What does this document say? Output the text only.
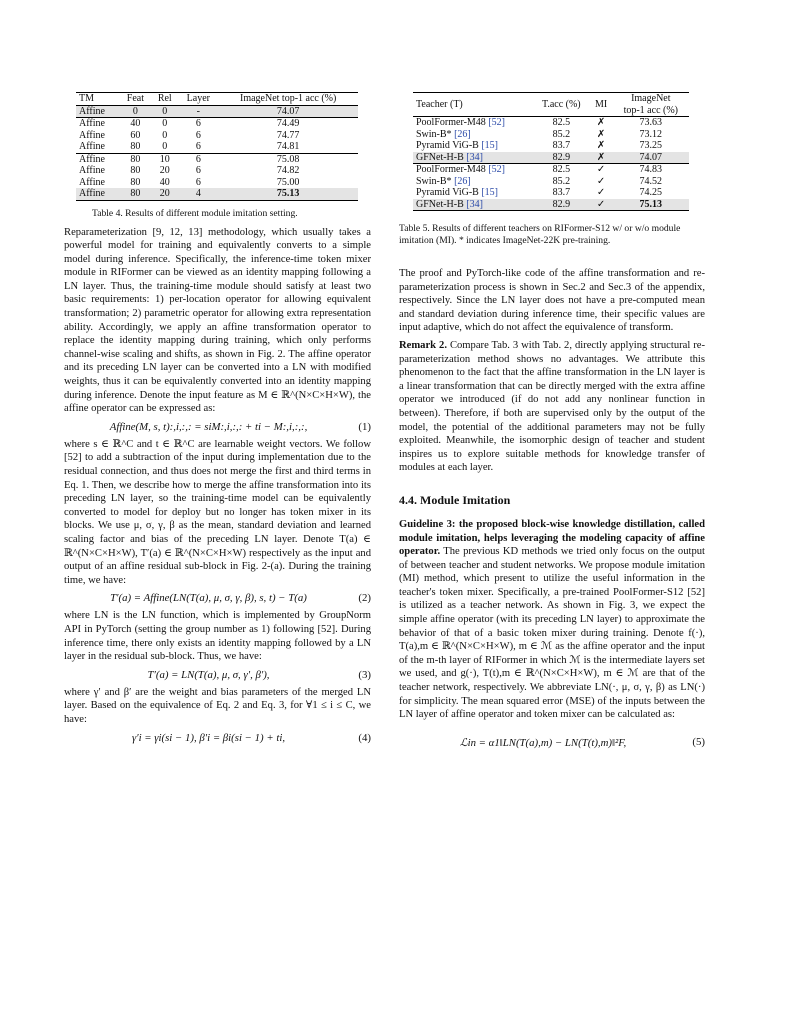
TM	Feat	Rel	Layer	ImageNet top-1 acc (%)
Affine	0	0	-	74.07
Affine	40	0	6	74.49
Affine	60	0	6	74.77
Affine	80	0	6	74.81
Affine	80	10	6	75.08
Affine	80	20	6	74.82
Affine	80	40	6	75.00
Affine	80	20	4	75.13
Table 4. Results of different module imitation setting.

Reparameterization [9, 12, 13] methodology, which usually takes a powerful model for training and equivalently converts to a simple model during inference. Specifically, the inference-time token mixer module in RIFormer can be viewed as an identity mapping following a LN layer. Thus, the training-time module should satisfy at least two basic requirements: 1) per-location operator for allowing equivalent transformation; 2) parametric operator for allowing extra representation ability. Accordingly, we apply an affine transformation operator to replace the identity mapping during training, which only performs channel-wise scaling and shifts, as shown in Fig. 2. The affine operator and its preceding LN layer can be converted into a LN with modified weights, thus it can be equivalently converted into an identity mapping during inference. Denote the input feature as M ∈ ℝ^(N×C×H×W), the affine operator can be expressed as:

Affine(M, s, t):,i,:,: = siM:,i,:,: + ti − M:,i,:,:,	(1)

where s ∈ ℝ^C and t ∈ ℝ^C are learnable weight vectors. We follow [52] to add a subtraction of the input during implementation due to the residual connection, and thus does not merge the first and third terms in Eq. 1. Then, we describe how to merge the affine transformation into its preceding LN layer, so the training-time model can be equivalently converted to model for deploy but no longer has token mixer in its blocks. We use μ, σ, γ, β as the mean, standard deviation and learned scaling factor and bias of the preceding LN layer. Denote T(a) ∈ ℝ^(N×C×H×W), T′(a) ∈ ℝ^(N×C×H×W) respectively as the input and output of an affine residual sub-block in Fig. 2-(a). During the training time, we have:

T′(a) = Affine(LN(T(a), μ, σ, γ, β), s, t) − T(a)	(2)

where LN is the LN function, which is implemented by GroupNorm API in PyTorch (setting the group number as 1) following [52]. During inference time, there only exists an identity mapping followed by a LN layer in the residual sub-block. Thus, we have:

T′(a) = LN(T(a), μ, σ, γ′, β′),	(3)

where γ′ and β′ are the weight and bias parameters of the merged LN layer. Based on the equivalence of Eq. 2 and Eq. 3, for ∀1 ≤ i ≤ C, we have:

γ′i = γi(si − 1), β′i = βi(si − 1) + ti,	(4)
Teacher (T)	T.acc (%)	MI	ImageNet
top-1 acc (%)
PoolFormer-M48 [52]	82.5	✗	73.63
Swin-B* [26]	85.2	✗	73.12
Pyramid ViG-B [15]	83.7	✗	73.25
GFNet-H-B [34]	82.9	✗	74.07
PoolFormer-M48 [52]	82.5	✓	74.83
Swin-B* [26]	85.2	✓	74.52
Pyramid ViG-B [15]	83.7	✓	74.25
GFNet-H-B [34]	82.9	✓	75.13
Table 5. Results of different teachers on RIFormer-S12 w/ or w/o module imitation (MI). * indicates ImageNet-22K pre-training.

The proof and PyTorch-like code of the affine transformation and re-parameterization process is shown in Sec.2 and Sec.3 of the appendix, respectively. Since the LN layer does not have a pre-computed mean and standard deviation during inference time, their specific values are input adaptive, which do not affect the equivalence of transform.

Remark 2. Compare Tab. 3 with Tab. 2, directly applying structural re-parameterization method shows no advantages. We attribute this phenomenon to the fact that the affine transformation in the LN layer is a linear transformation that can be directly merged with the extra affine operator we introduced (if do not add any nonlinear function in between). Therefore, if both are supervised only by the output of the model, the potential of the additional parameters may not be fully exploited. Meanwhile, the isomorphic design of teacher and student inspires us to explore suitable methods for knowledge transfer of modules at each layer.

4.4. Module Imitation

Guideline 3: the proposed block-wise knowledge distillation, called module imitation, helps leveraging the modeling capacity of affine operator. The previous KD methods we tried only focus on the output of between teacher and student networks. We propose module imitation (MI) method, which present to utilize the useful information in the teacher's token mixer. Specifically, a pre-trained PoolFormer-S12 [52] is utilized as a teacher network. As shown in Fig. 3, we expect the simple affine operator (with its preceding LN layer) to approximate the behavior of that of a basic token mixer during training. Denote f(·), T(a),m ∈ ℝ^(N×C×H×W), m ∈ ℳ as the affine operator and the input of the m-th layer of RIFormer in which ℳ is the intermediate layers set we used, and g(·), T(t),m ∈ ℝ^(N×C×H×W), m ∈ ℳ are that of the teacher network, respectively. We abbreviate LN(·, μ, σ, γ, β) as LN(·) for simplicity. The mean squared error (MSE) of the inputs between the LN layer of affine operator and token mixer can be calculated as:

ℒin = α1‖LN(T(a),m) − LN(T(t),m)‖²F,	(5)
